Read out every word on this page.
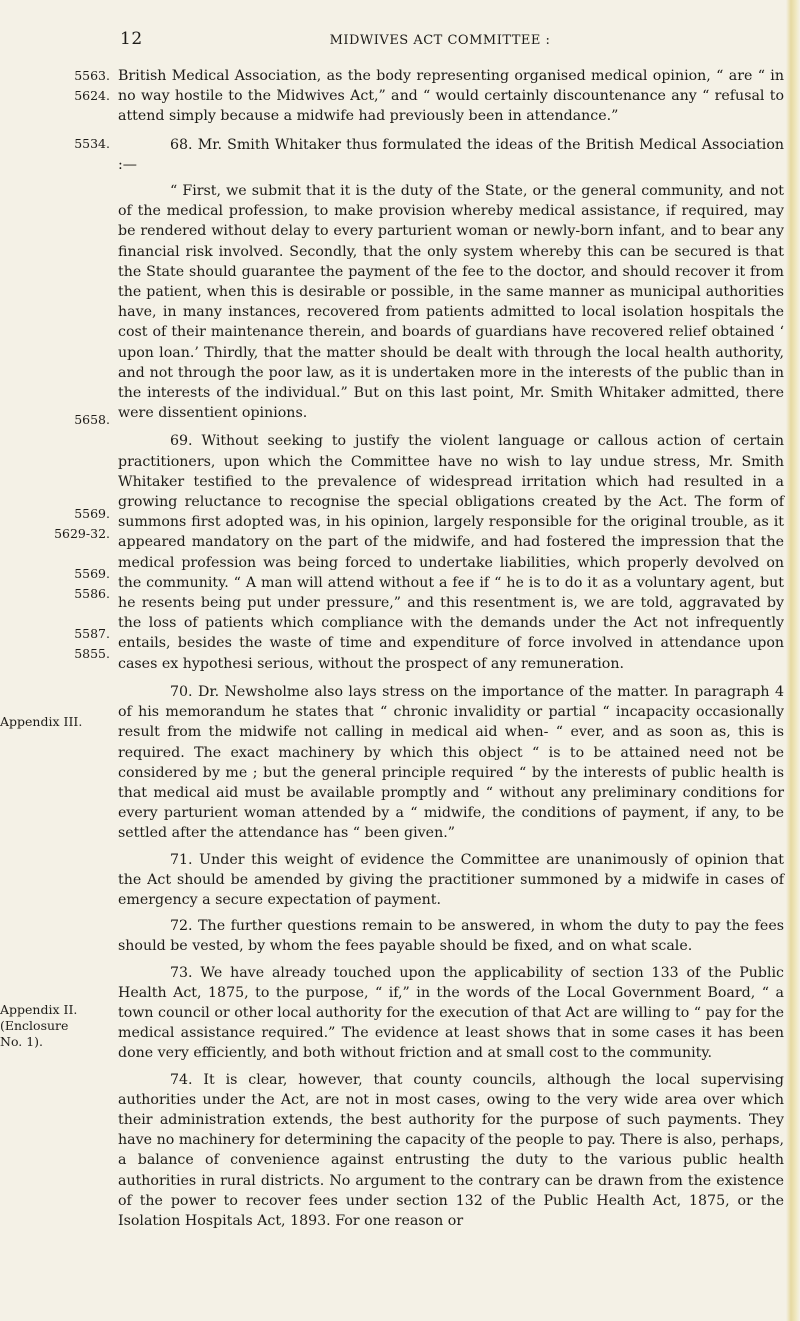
12	MIDWIVES ACT COMMITTEE :
5563.
5624.
5534.
5658.
5569.
5629-32.
5569.
5586.
5587.
5855.
Appendix III.
Appendix II.
(Enclosure
No. 1).

British Medical Association, as the body representing organised medical opinion, “ are “ in no way hostile to the Midwives Act,” and “ would certainly discountenance any “ refusal to attend simply because a midwife had previously been in attendance.”

68. Mr. Smith Whitaker thus formulated the ideas of the British Medical Association :—

“ First, we submit that it is the duty of the State, or the general community, and not of the medical profession, to make provision whereby medical assistance, if required, may be rendered without delay to every parturient woman or newly-born infant, and to bear any financial risk involved. Secondly, that the only system whereby this can be secured is that the State should guarantee the payment of the fee to the doctor, and should recover it from the patient, when this is desirable or possible, in the same manner as municipal authorities have, in many instances, recovered from patients admitted to local isolation hospitals the cost of their maintenance therein, and boards of guardians have recovered relief obtained ‘ upon loan.’ Thirdly, that the matter should be dealt with through the local health authority, and not through the poor law, as it is undertaken more in the interests of the public than in the interests of the individual.” But on this last point, Mr. Smith Whitaker admitted, there were dissentient opinions.

69. Without seeking to justify the violent language or callous action of certain practitioners, upon which the Committee have no wish to lay undue stress, Mr. Smith Whitaker testified to the prevalence of widespread irritation which had resulted in a growing reluctance to recognise the special obligations created by the Act. The form of summons first adopted was, in his opinion, largely responsible for the original trouble, as it appeared mandatory on the part of the midwife, and had fostered the impression that the medical profession was being forced to undertake liabilities, which properly devolved on the community. “ A man will attend without a fee if “ he is to do it as a voluntary agent, but he resents being put under pressure,” and this resentment is, we are told, aggravated by the loss of patients which compliance with the demands under the Act not infrequently entails, besides the waste of time and expenditure of force involved in attendance upon cases ex hypothesi serious, without the prospect of any remuneration.

70. Dr. Newsholme also lays stress on the importance of the matter. In paragraph 4 of his memorandum he states that “ chronic invalidity or partial “ incapacity occasionally result from the midwife not calling in medical aid when- “ ever, and as soon as, this is required. The exact machinery by which this object “ is to be attained need not be considered by me ; but the general principle required “ by the interests of public health is that medical aid must be available promptly and “ without any preliminary conditions for every parturient woman attended by a “ midwife, the conditions of payment, if any, to be settled after the attendance has “ been given.”

71. Under this weight of evidence the Committee are unanimously of opinion that the Act should be amended by giving the practitioner summoned by a midwife in cases of emergency a secure expectation of payment.

72. The further questions remain to be answered, in whom the duty to pay the fees should be vested, by whom the fees payable should be fixed, and on what scale.

73. We have already touched upon the applicability of section 133 of the Public Health Act, 1875, to the purpose, “ if,” in the words of the Local Government Board, “ a town council or other local authority for the execution of that Act are willing to “ pay for the medical assistance required.” The evidence at least shows that in some cases it has been done very efficiently, and both without friction and at small cost to the community.

74. It is clear, however, that county councils, although the local supervising authorities under the Act, are not in most cases, owing to the very wide area over which their administration extends, the best authority for the purpose of such payments. They have no machinery for determining the capacity of the people to pay. There is also, perhaps, a balance of convenience against entrusting the duty to the various public health authorities in rural districts. No argument to the contrary can be drawn from the existence of the power to recover fees under section 132 of the Public Health Act, 1875, or the Isolation Hospitals Act, 1893. For one reason or
